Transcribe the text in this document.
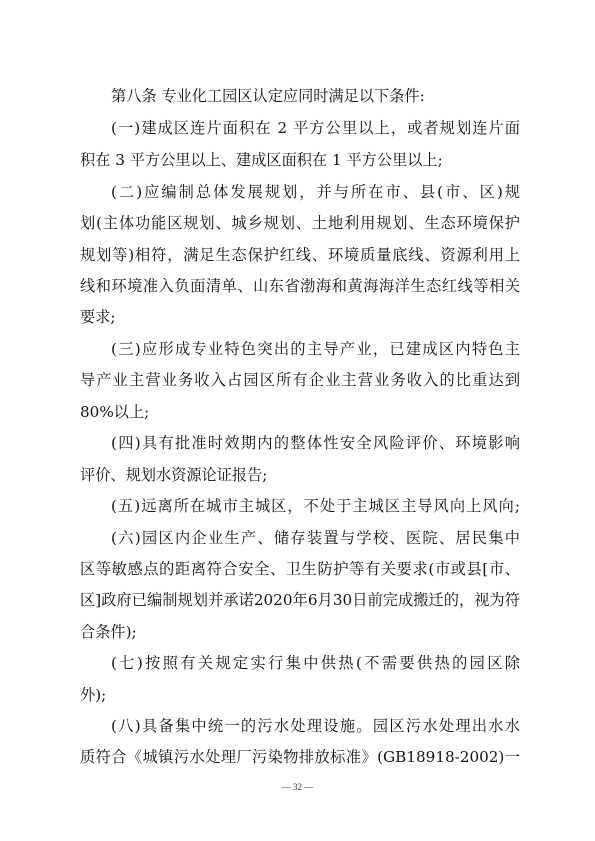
第八条 专业化工园区认定应同时满足以下条件:
(一)建成区连片面积在 2 平方公里以上，或者规划连片面
积在 3 平方公里以上、建成区面积在 1 平方公里以上;
(二)应编制总体发展规划，并与所在市、县(市、区)规
划(主体功能区规划、城乡规划、土地利用规划、生态环境保护
规划等)相符，满足生态保护红线、环境质量底线、资源利用上
线和环境准入负面清单、山东省渤海和黄海海洋生态红线等相关
要求;
(三)应形成专业特色突出的主导产业，已建成区内特色主
导产业主营业务收入占园区所有企业主营业务收入的比重达到
80%以上;
(四)具有批准时效期内的整体性安全风险评价、环境影响
评价、规划水资源论证报告;
(五)远离所在城市主城区，不处于主城区主导风向上风向;
(六)园区内企业生产、储存装置与学校、医院、居民集中
区等敏感点的距离符合安全、卫生防护等有关要求(市或县[市、
区]政府已编制规划并承诺2020年6月30日前完成搬迁的，视为符
合条件);
(七)按照有关规定实行集中供热(不需要供热的园区除
外);
(八)具备集中统一的污水处理设施。园区污水处理出水水
质符合《城镇污水处理厂污染物排放标准》(GB18918-2002)一
— 32 —
